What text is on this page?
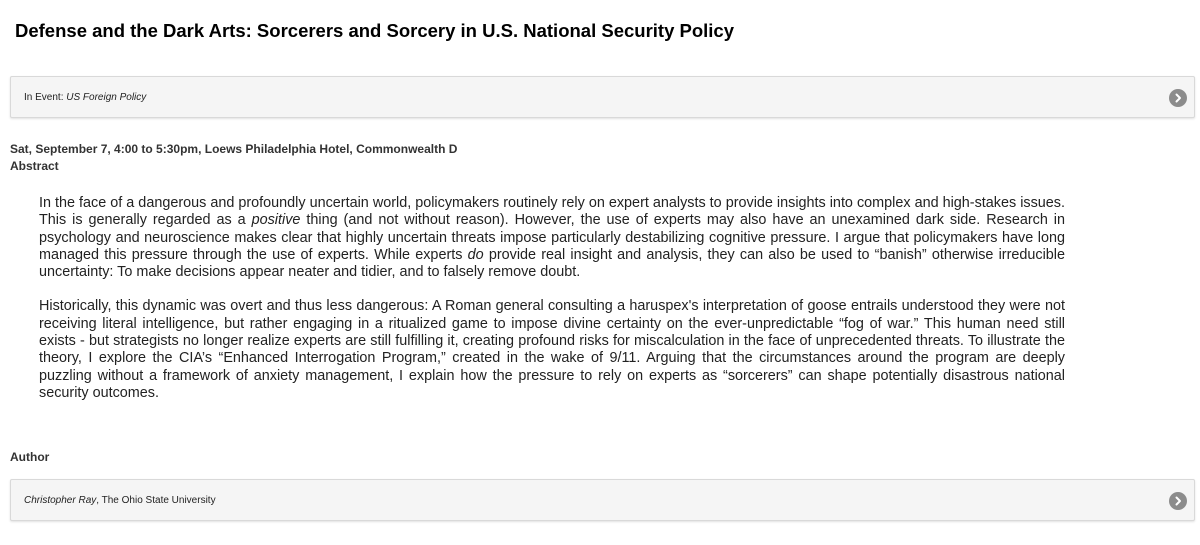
Defense and the Dark Arts: Sorcerers and Sorcery in U.S. National Security Policy
In Event: US Foreign Policy
Sat, September 7, 4:00 to 5:30pm, Loews Philadelphia Hotel, Commonwealth D
Abstract

In the face of a dangerous and profoundly uncertain world, policymakers routinely rely on expert analysts to provide insights into complex and high-stakes issues. This is generally regarded as a positive thing (and not without reason). However, the use of experts may also have an unexamined dark side. Research in psychology and neuroscience makes clear that highly uncertain threats impose particularly destabilizing cognitive pressure. I argue that policymakers have long managed this pressure through the use of experts. While experts do provide real insight and analysis, they can also be used to “banish” otherwise irreducible uncertainty: To make decisions appear neater and tidier, and to falsely remove doubt.

Historically, this dynamic was overt and thus less dangerous: A Roman general consulting a haruspex's interpretation of goose entrails understood they were not receiving literal intelligence, but rather engaging in a ritualized game to impose divine certainty on the ever-unpredictable “fog of war.” This human need still exists - but strategists no longer realize experts are still fulfilling it, creating profound risks for miscalculation in the face of unprecedented threats. To illustrate the theory, I explore the CIA’s “Enhanced Interrogation Program,” created in the wake of 9/11. Arguing that the circumstances around the program are deeply puzzling without a framework of anxiety management, I explain how the pressure to rely on experts as “sorcerers” can shape potentially disastrous national security outcomes.

Author
Christopher Ray, The Ohio State University
